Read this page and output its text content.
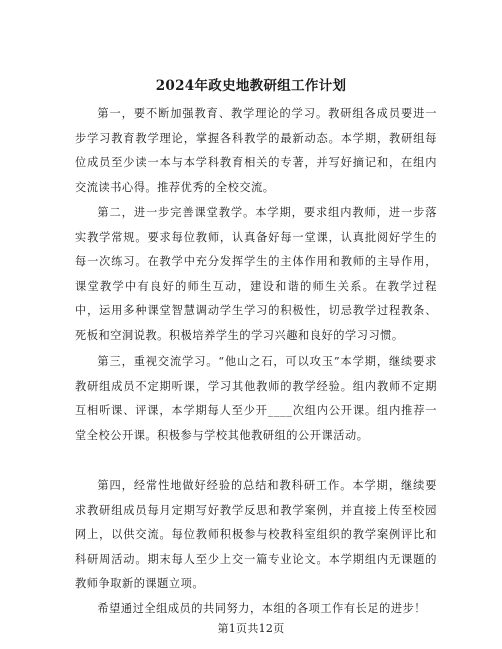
2024年政史地教研组工作计划

第一，要不断加强教育、教学理论的学习。教研组各成员要进一步学习教育教学理论，掌握各科教学的最新动态。本学期，教研组每位成员至少读一本与本学科教育相关的专著，并写好摘记和，在组内交流读书心得。推荐优秀的全校交流。

第二，进一步完善课堂教学。本学期，要求组内教师，进一步落实教学常规。要求每位教师，认真备好每一堂课，认真批阅好学生的每一次练习。在教学中充分发挥学生的主体作用和教师的主导作用，课堂教学中有良好的师生互动，建设和谐的师生关系。在教学过程中，运用多种课堂智慧调动学生学习的积极性，切忌教学过程教条、死板和空洞说教。积极培养学生的学习兴趣和良好的学习习惯。

第三，重视交流学习。“他山之石，可以攻玉”本学期，继续要求教研组成员不定期听课，学习其他教师的教学经验。组内教师不定期互相听课、评课，本学期每人至少开____次组内公开课。组内推荐一堂全校公开课。积极参与学校其他教研组的公开课活动。

第四，经常性地做好经验的总结和教科研工作。本学期，继续要求教研组成员每月定期写好教学反思和教学案例，并直接上传至校园网上，以供交流。每位教师积极参与校教科室组织的教学案例评比和科研周活动。期末每人至少上交一篇专业论文。本学期组内无课题的教师争取新的课题立项。

希望通过全组成员的共同努力，本组的各项工作有长足的进步！

第1页共12页
